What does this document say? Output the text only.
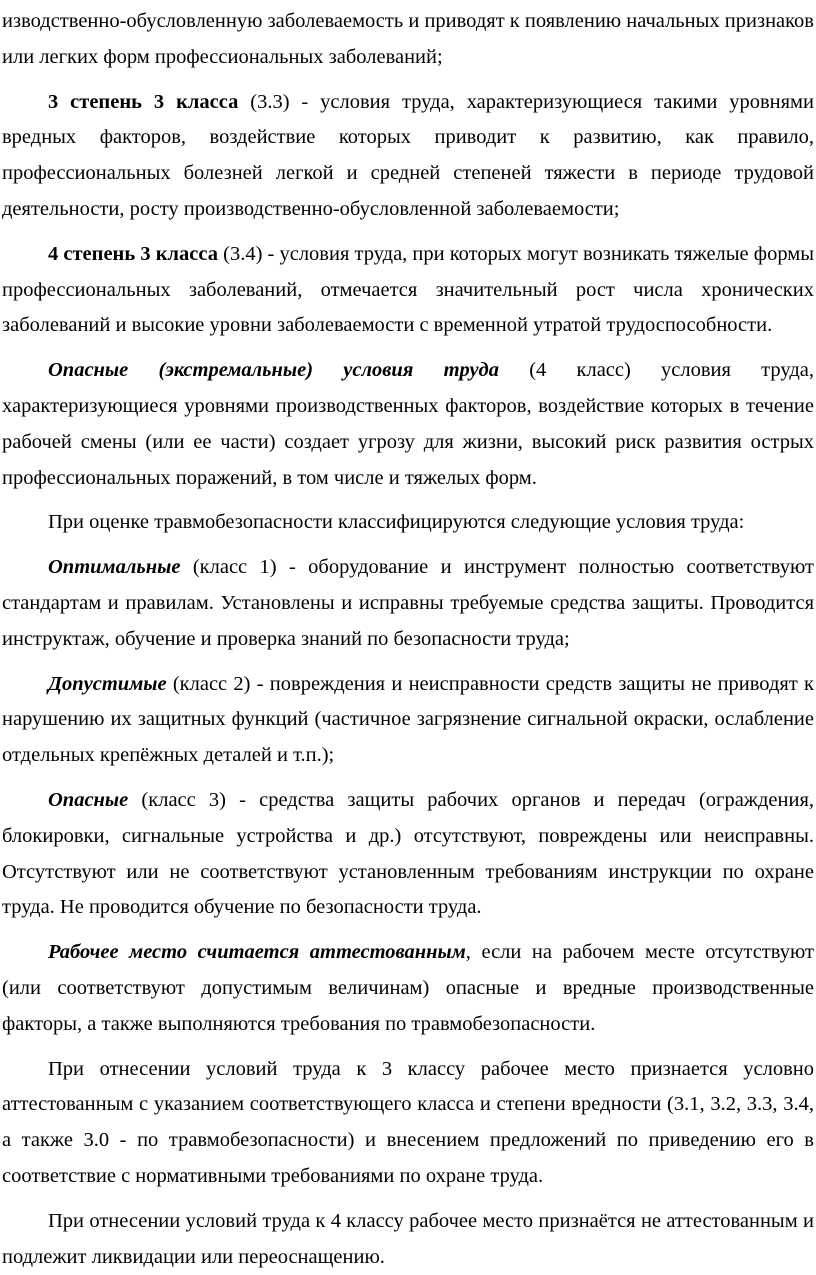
изводственно-обусловленную заболеваемость и приводят к появлению начальных признаков или легких форм профессиональных заболеваний;

3 степень 3 класса (3.3) - условия труда, характеризующиеся такими уровнями вредных факторов, воздействие которых приводит к развитию, как правило, профессиональных болезней легкой и средней степеней тяжести в периоде трудовой деятельности, росту производственно-обусловленной заболеваемости;

4 степень 3 класса (3.4) - условия труда, при которых могут возникать тяжелые формы профессиональных заболеваний, отмечается значительный рост числа хронических заболеваний и высокие уровни заболеваемости с временной утратой трудоспособности.

Опасные (экстремальные) условия труда (4 класс) условия труда, характеризующиеся уровнями производственных факторов, воздействие которых в течение рабочей смены (или ее части) создает угрозу для жизни, высокий риск развития острых профессиональных поражений, в том числе и тяжелых форм.

При оценке травмобезопасности классифицируются следующие условия труда:

Оптимальные (класс 1) - оборудование и инструмент полностью соответствуют стандартам и правилам. Установлены и исправны требуемые средства защиты. Проводится инструктаж, обучение и проверка знаний по безопасности труда;

Допустимые (класс 2) - повреждения и неисправности средств защиты не приводят к нарушению их защитных функций (частичное загрязнение сигнальной окраски, ослабление отдельных крепёжных деталей и т.п.);

Опасные (класс 3) - средства защиты рабочих органов и передач (ограждения, блокировки, сигнальные устройства и др.) отсутствуют, повреждены или неисправны. Отсутствуют или не соответствуют установленным требованиям инструкции по охране труда. Не проводится обучение по безопасности труда.

Рабочее место считается аттестованным, если на рабочем месте отсутствуют (или соответствуют допустимым величинам) опасные и вредные производственные факторы, а также выполняются требования по травмобезопасности.

При отнесении условий труда к 3 классу рабочее место признается условно аттестованным с указанием соответствующего класса и степени вредности (3.1, 3.2, 3.3, 3.4, а также 3.0 - по травмобезопасности) и внесением предложений по приведению его в соответствие с нормативными требованиями по охране труда.

При отнесении условий труда к 4 классу рабочее место признаётся не аттестованным и подлежит ликвидации или переоснащению.
